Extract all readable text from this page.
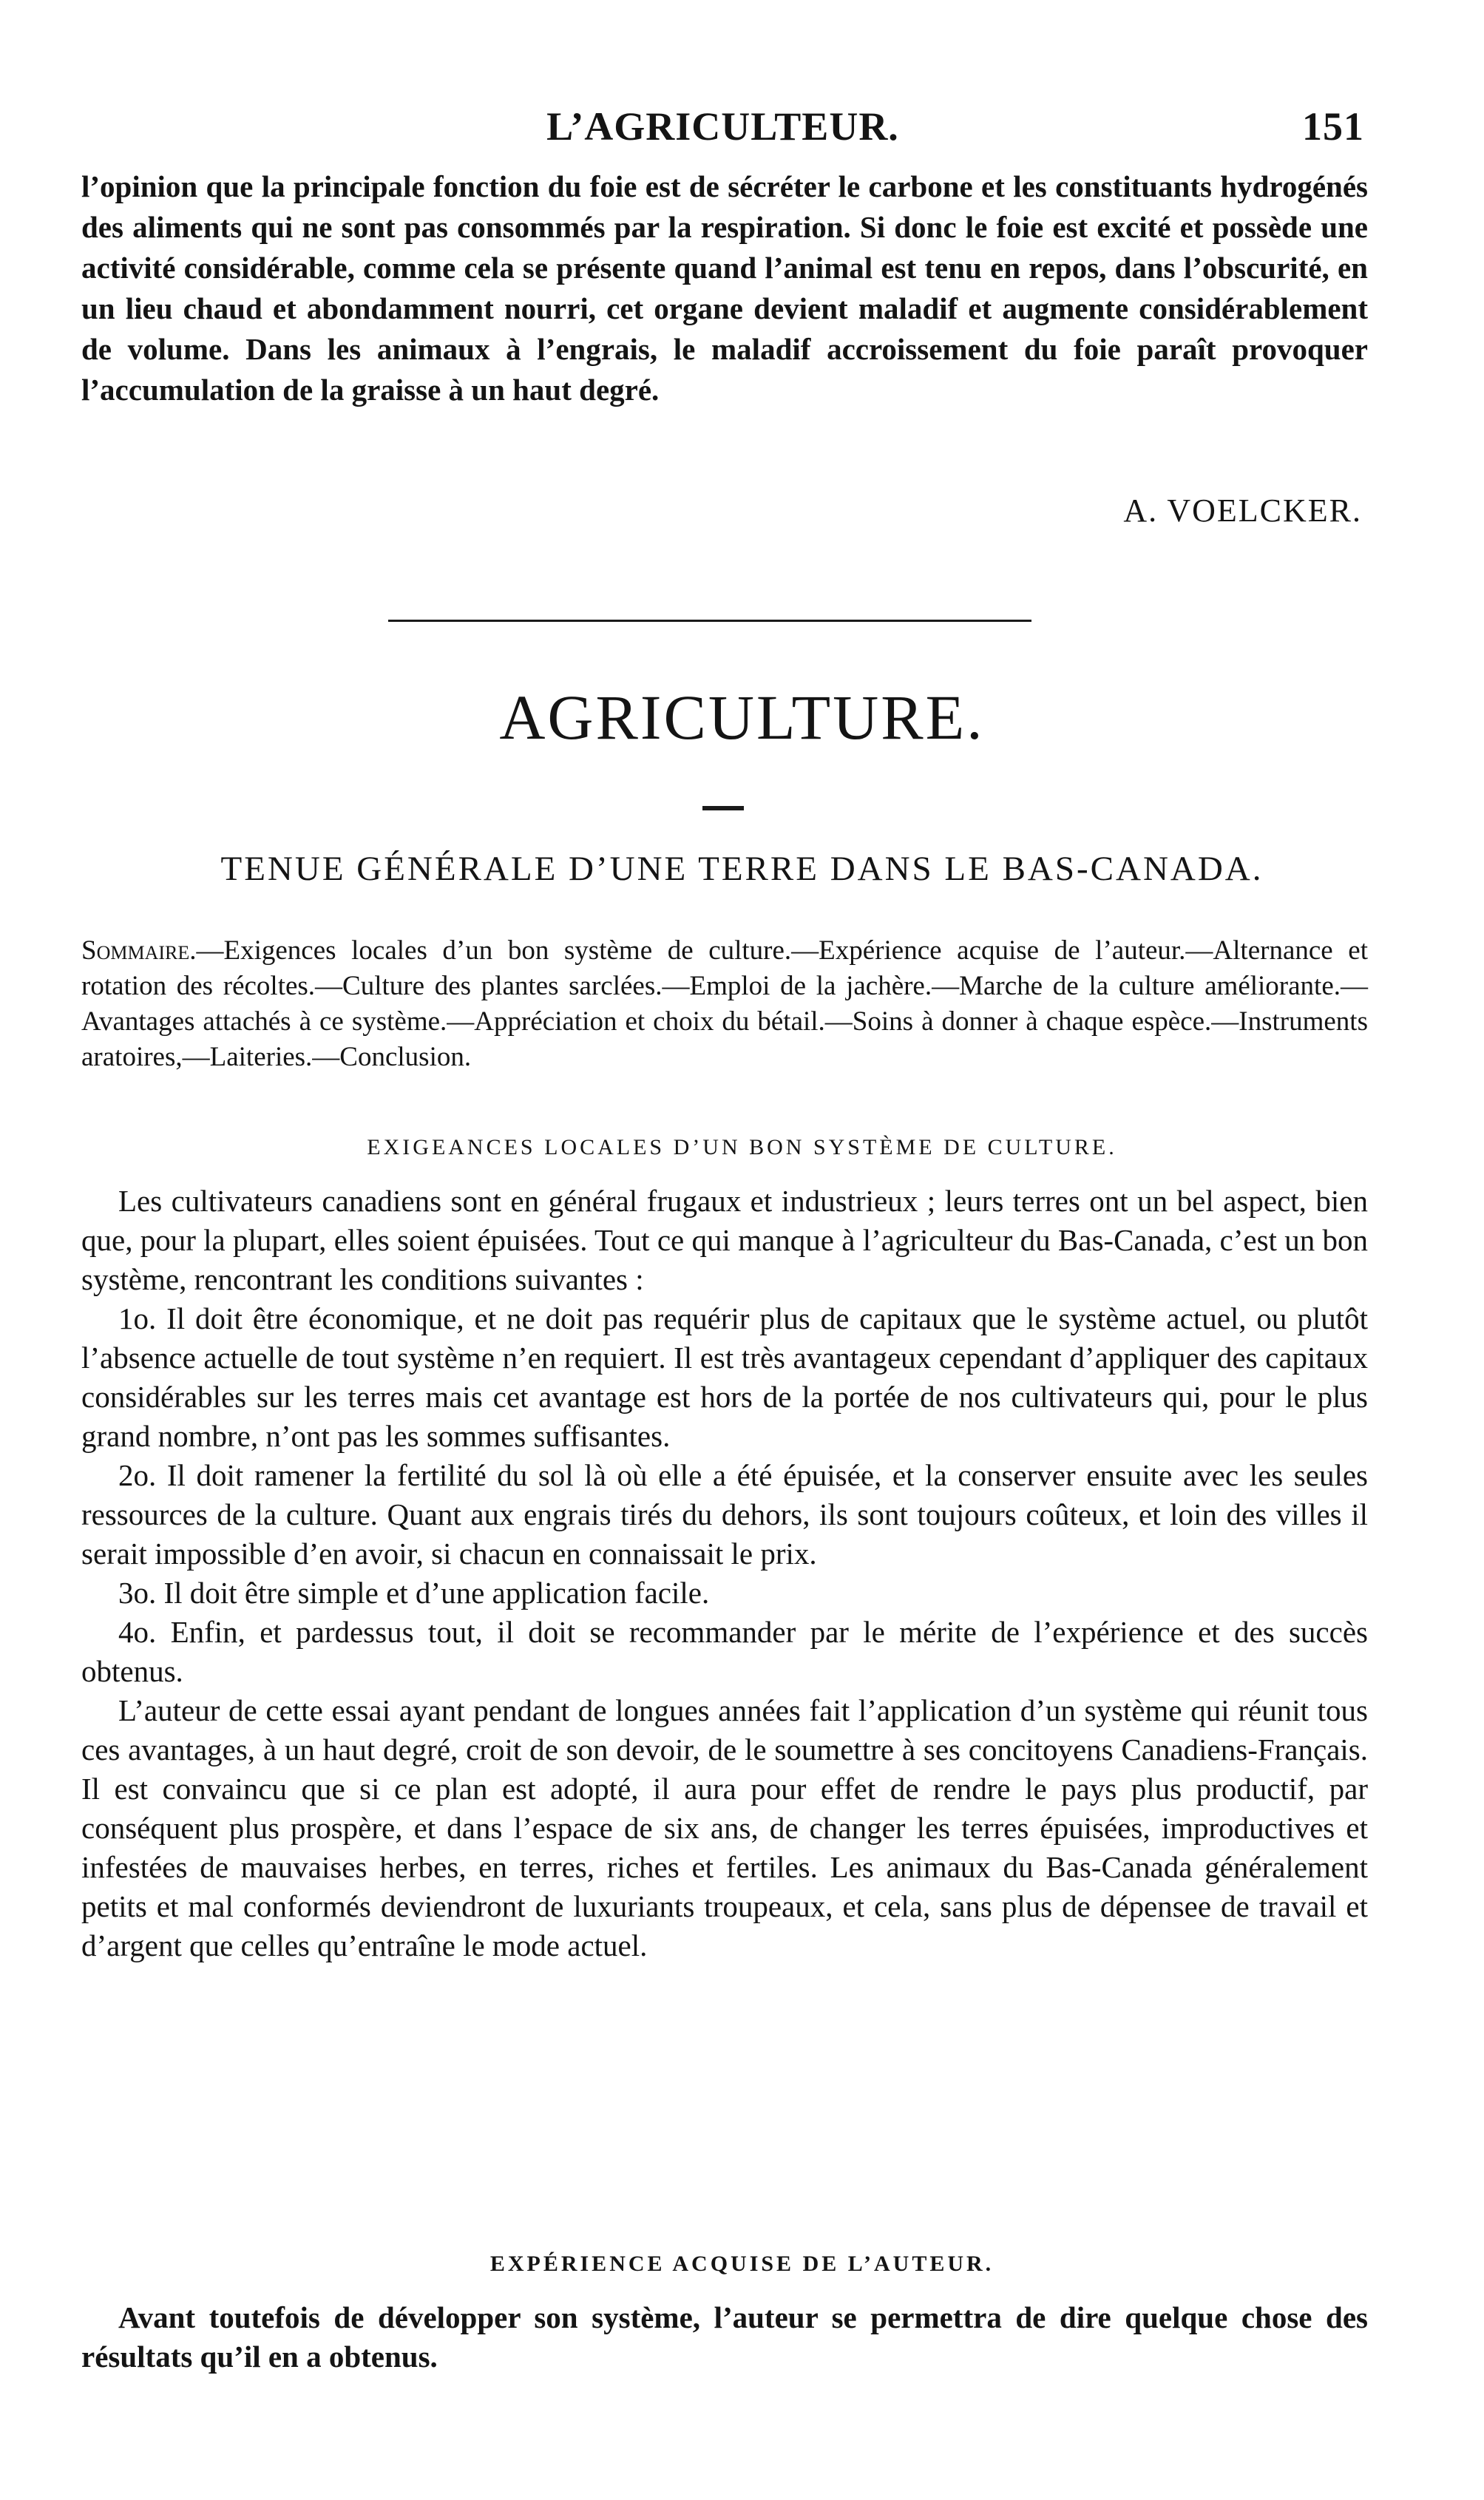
L’AGRICULTEUR.	151
l’opinion que la principale fonction du foie est de sécréter le carbone et les constituants hydrogénés des aliments qui ne sont pas consommés par la respiration. Si donc le foie est excité et possède une activité considérable, comme cela se présente quand l’animal est tenu en repos, dans l’obscurité, en un lieu chaud et abondamment nourri, cet organe devient maladif et augmente considérablement de volume. Dans les animaux à l’engrais, le maladif accroissement du foie paraît provoquer l’accumulation de la graisse à un haut degré.
A. VOELCKER.
AGRICULTURE.
TENUE GÉNÉRALE D’UNE TERRE DANS LE BAS-CANADA.
Sommaire.—Exigences locales d’un bon système de culture.—Expérience acquise de l’auteur.—Alternance et rotation des récoltes.—Culture des plantes sarclées.—Emploi de la jachère.—Marche de la culture améliorante.—Avantages attachés à ce système.—Appréciation et choix du bétail.—Soins à donner à chaque espèce.—Instruments aratoires,—Laiteries.—Conclusion.
EXIGEANCES LOCALES D’UN BON SYSTÈME DE CULTURE.

Les cultivateurs canadiens sont en général frugaux et industrieux ; leurs terres ont un bel aspect, bien que, pour la plupart, elles soient épuisées. Tout ce qui manque à l’agriculteur du Bas-Canada, c’est un bon système, rencontrant les conditions suivantes :

1o. Il doit être économique, et ne doit pas requérir plus de capitaux que le système actuel, ou plutôt l’absence actuelle de tout système n’en requiert. Il est très avantageux cependant d’appliquer des capitaux considérables sur les terres mais cet avantage est hors de la portée de nos cultivateurs qui, pour le plus grand nombre, n’ont pas les sommes suffisantes.

2o. Il doit ramener la fertilité du sol là où elle a été épuisée, et la conserver ensuite avec les seules ressources de la culture. Quant aux engrais tirés du dehors, ils sont toujours coûteux, et loin des villes il serait impossible d’en avoir, si chacun en connaissait le prix.

3o. Il doit être simple et d’une application facile.

4o. Enfin, et pardessus tout, il doit se recommander par le mérite de l’expérience et des succès obtenus.

L’auteur de cette essai ayant pendant de longues années fait l’application d’un système qui réunit tous ces avantages, à un haut degré, croit de son devoir, de le soumettre à ses concitoyens Canadiens-Français. Il est convaincu que si ce plan est adopté, il aura pour effet de rendre le pays plus productif, par conséquent plus prospère, et dans l’espace de six ans, de changer les terres épuisées, improductives et infestées de mauvaises herbes, en terres, riches et fertiles. Les animaux du Bas-Canada généralement petits et mal conformés deviendront de luxuriants troupeaux, et cela, sans plus de dépensee de travail et d’argent que celles qu’entraîne le mode actuel.

EXPÉRIENCE ACQUISE DE L’AUTEUR.

Avant toutefois de développer son système, l’auteur se permettra de dire quelque chose des résultats qu’il en a obtenus.
